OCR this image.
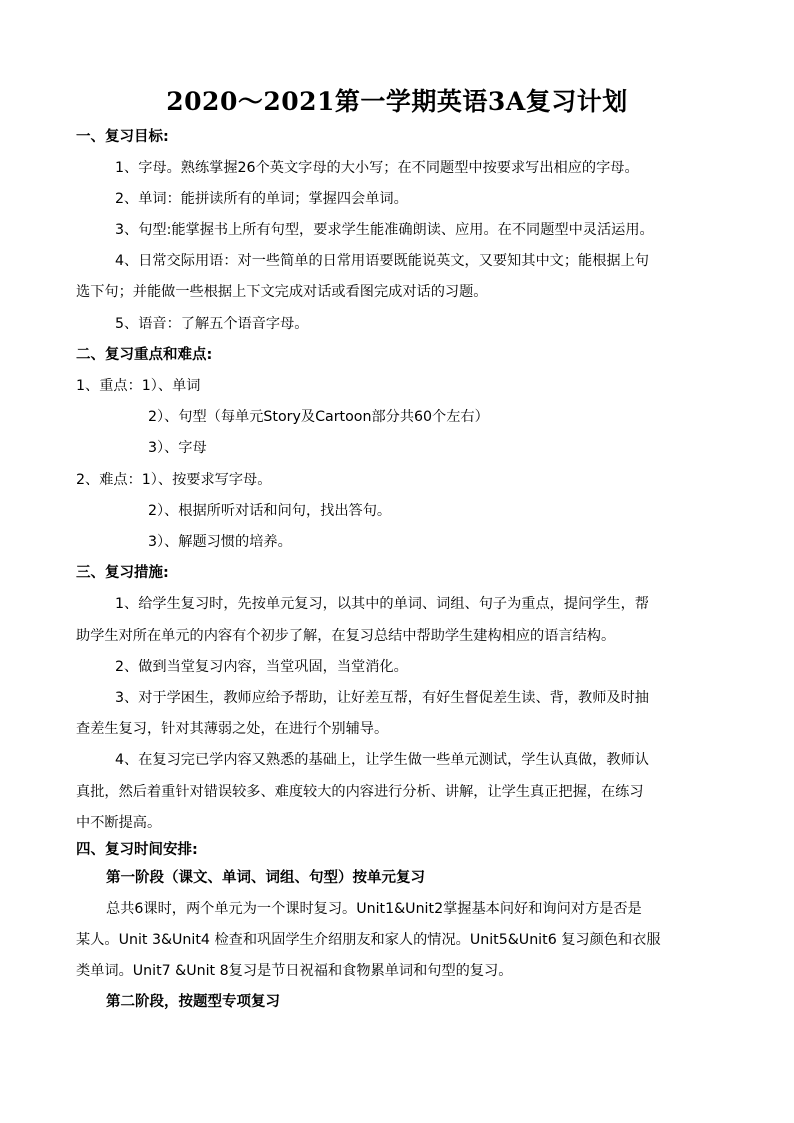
2020～2021第一学期英语3A复习计划
一、复习目标:
1、字母。熟练掌握26个英文字母的大小写；在不同题型中按要求写出相应的字母。
2、单词：能拼读所有的单词；掌握四会单词。
3、句型:能掌握书上所有句型，要求学生能准确朗读、应用。在不同题型中灵活运用。
4、日常交际用语：对一些简单的日常用语要既能说英文，又要知其中文；能根据上句
选下句；并能做一些根据上下文完成对话或看图完成对话的习题。
5、语音：了解五个语音字母。
二、复习重点和难点:
1、重点：1）、单词
2）、句型（每单元Story及Cartoon部分共60个左右）
3）、字母
2、难点：1）、按要求写字母。
2）、根据所听对话和问句，找出答句。
3）、解题习惯的培养。
三、复习措施:
1、给学生复习时，先按单元复习，以其中的单词、词组、句子为重点，提问学生，帮
助学生对所在单元的内容有个初步了解，在复习总结中帮助学生建构相应的语言结构。
2、做到当堂复习内容，当堂巩固，当堂消化。
3、对于学困生，教师应给予帮助，让好差互帮，有好生督促差生读、背，教师及时抽
查差生复习，针对其薄弱之处，在进行个别辅导。
4、在复习完已学内容又熟悉的基础上，让学生做一些单元测试，学生认真做，教师认
真批，然后着重针对错误较多、难度较大的内容进行分析、讲解，让学生真正把握，在练习
中不断提高。
四、复习时间安排:
第一阶段（课文、单词、词组、句型）按单元复习
总共6课时，两个单元为一个课时复习。Unit1&Unit2掌握基本问好和询问对方是否是
某人。Unit 3&Unit4 检查和巩固学生介绍朋友和家人的情况。Unit5&Unit6 复习颜色和衣服
类单词。Unit7 &Unit 8复习是节日祝福和食物累单词和句型的复习。
第二阶段，按题型专项复习
